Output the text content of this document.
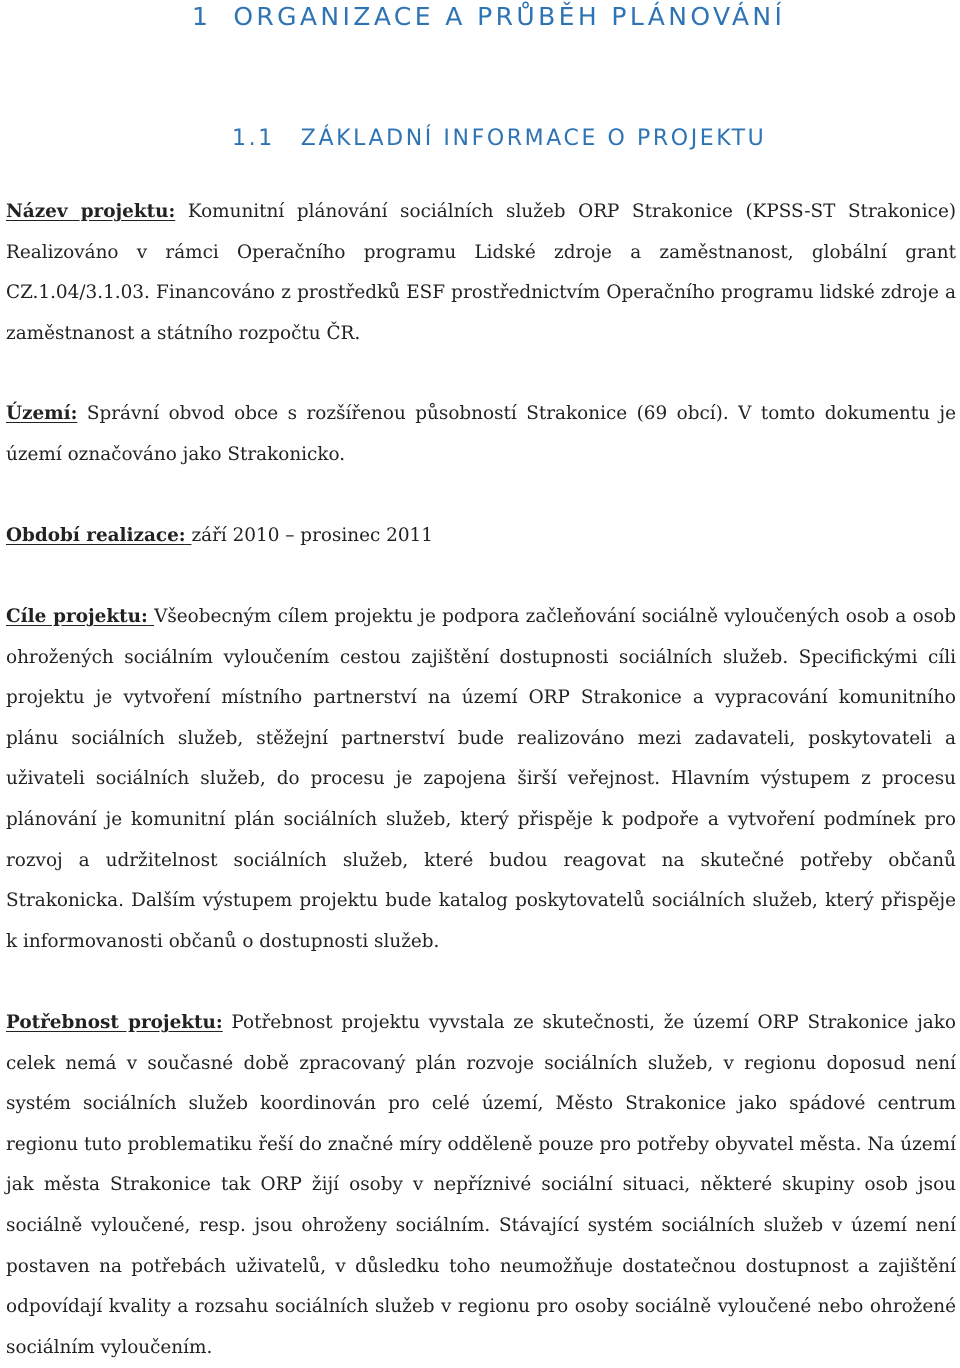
1 ORGANIZACE A PRŮBĚH PLÁNOVÁNÍ
1.1 ZÁKLADNÍ INFORMACE O PROJEKTU

Název projektu: Komunitní plánování sociálních služeb ORP Strakonice (KPSS-ST Strakonice) Realizováno v rámci Operačního programu Lidské zdroje a zaměstnanost, globální grant CZ.1.04/3.1.03. Financováno z prostředků ESF prostřednictvím Operačního programu lidské zdroje a zaměstnanost a státního rozpočtu ČR.

Území: Správní obvod obce s rozšířenou působností Strakonice (69 obcí). V tomto dokumentu je území označováno jako Strakonicko.

Období realizace: září 2010 – prosinec 2011

Cíle projektu: Všeobecným cílem projektu je podpora začleňování sociálně vyloučených osob a osob ohrožených sociálním vyloučením cestou zajištění dostupnosti sociálních služeb. Specifickými cíli projektu je vytvoření místního partnerství na území ORP Strakonice a vypracování komunitního plánu sociálních služeb, stěžejní partnerství bude realizováno mezi zadavateli, poskytovateli a uživateli sociálních služeb, do procesu je zapojena širší veřejnost. Hlavním výstupem z procesu plánování je komunitní plán sociálních služeb, který přispěje k podpoře a vytvoření podmínek pro rozvoj a udržitelnost sociálních služeb, které budou reagovat na skutečné potřeby občanů Strakonicka. Dalším výstupem projektu bude katalog poskytovatelů sociálních služeb, který přispěje k informovanosti občanů o dostupnosti služeb.

Potřebnost projektu: Potřebnost projektu vyvstala ze skutečnosti, že území ORP Strakonice jako celek nemá v současné době zpracovaný plán rozvoje sociálních služeb, v regionu doposud není systém sociálních služeb koordinován pro celé území, Město Strakonice jako spádové centrum regionu tuto problematiku řeší do značné míry odděleně pouze pro potřeby obyvatel města. Na území jak města Strakonice tak ORP žijí osoby v nepříznivé sociální situaci, některé skupiny osob jsou sociálně vyloučené, resp. jsou ohroženy sociálním. Stávající systém sociálních služeb v území není postaven na potřebách uživatelů, v důsledku toho neumožňuje dostatečnou dostupnost a zajištění odpovídají kvality a rozsahu sociálních služeb v regionu pro osoby sociálně vyloučené nebo ohrožené sociálním vyloučením.
